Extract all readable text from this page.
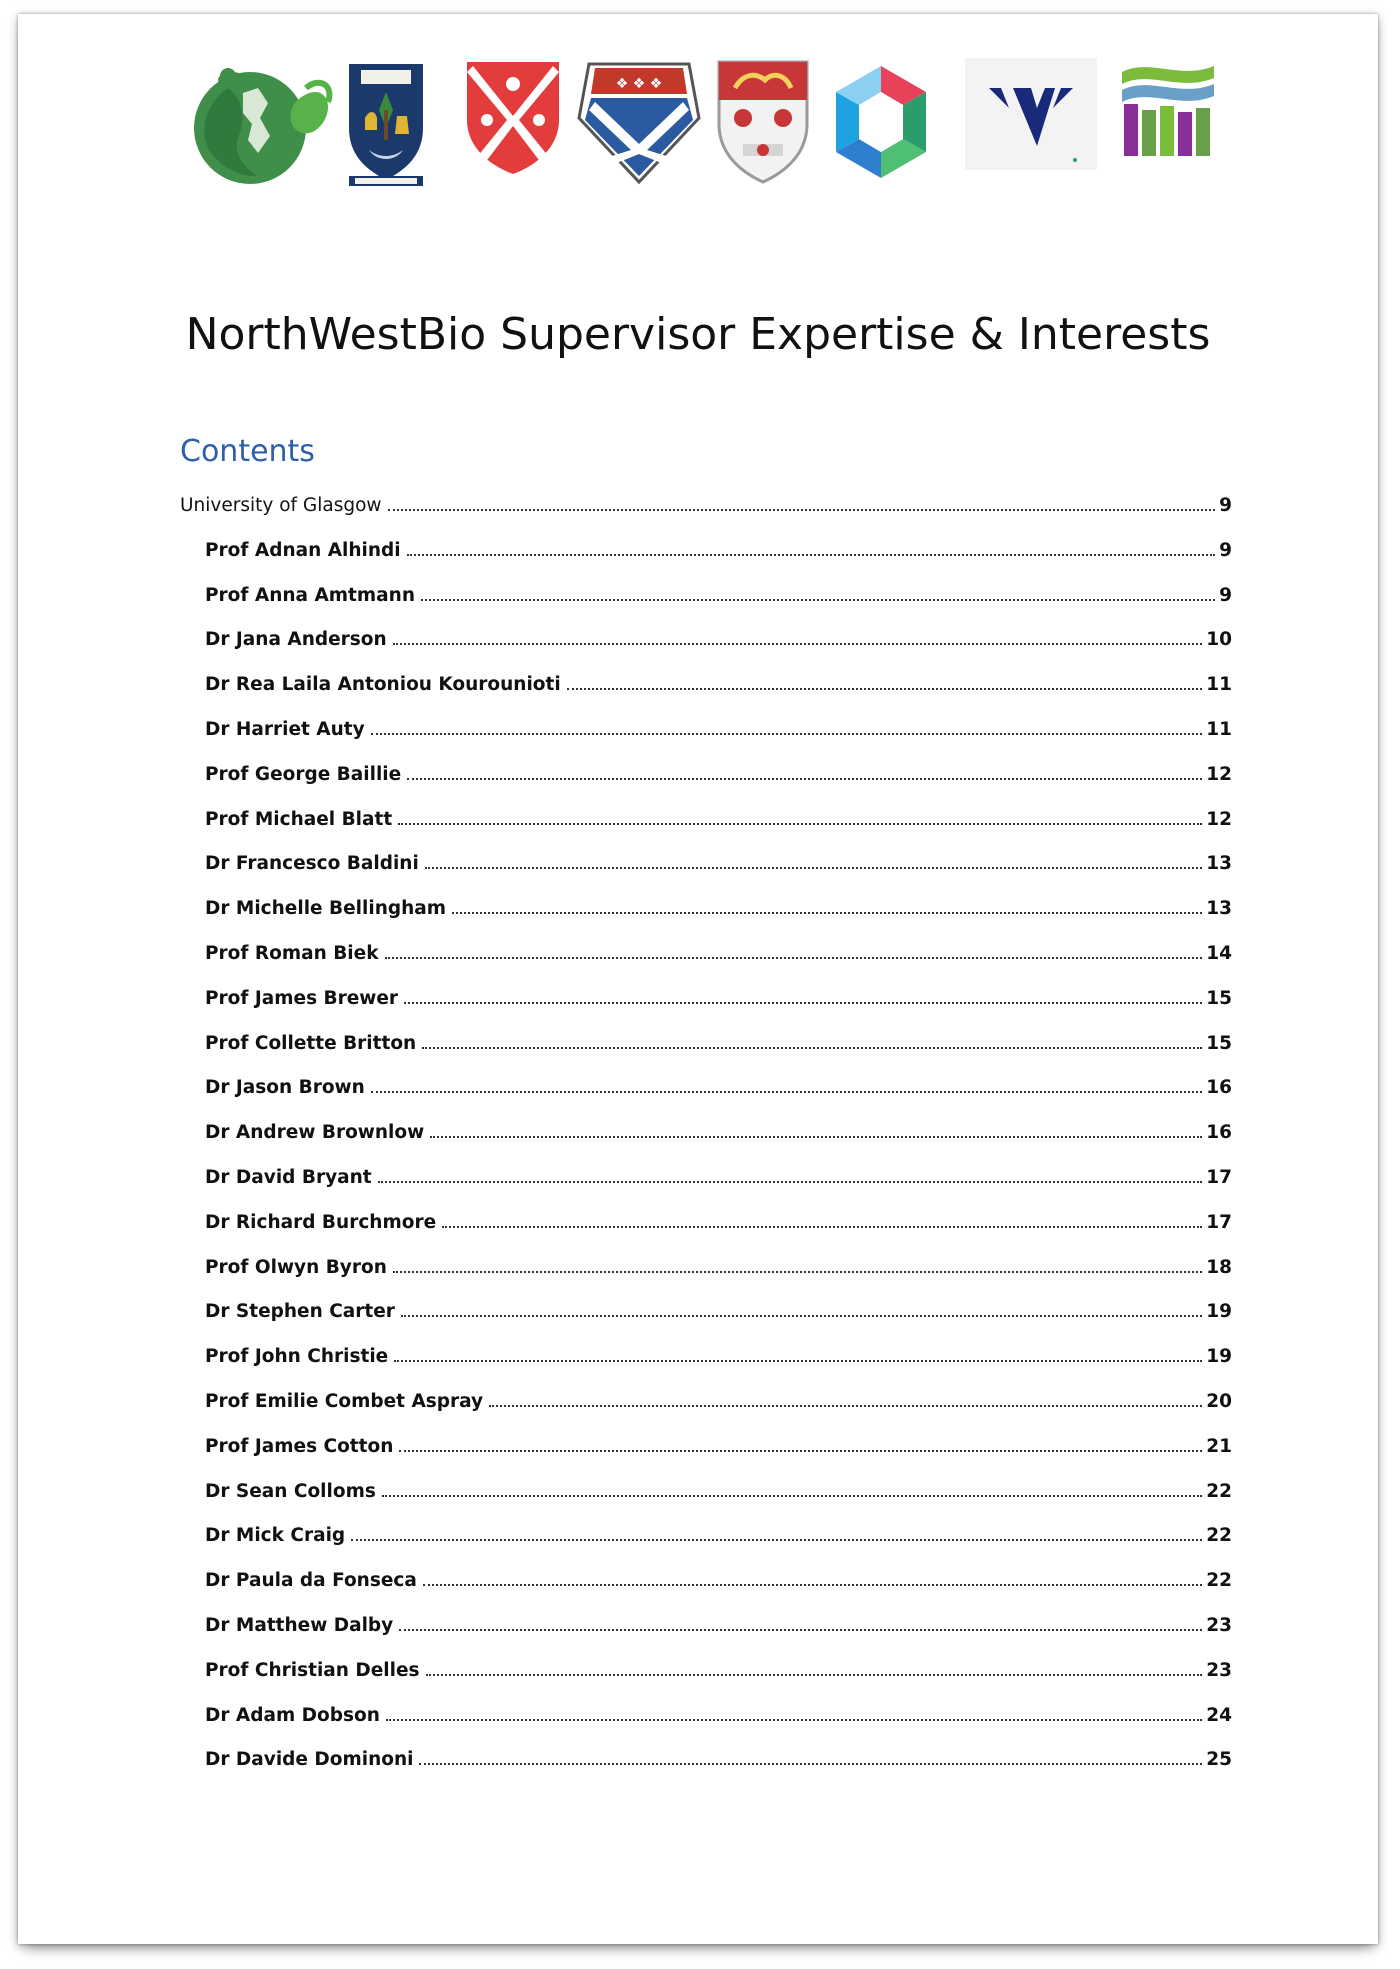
❖ ❖ ❖
NorthWestBio Supervisor Expertise & Interests
Contents
University of Glasgow	9
Prof Adnan Alhindi	9
Prof Anna Amtmann	9
Dr Jana Anderson	10
Dr Rea Laila Antoniou Kourounioti	11
Dr Harriet Auty	11
Prof George Baillie	12
Prof Michael Blatt	12
Dr Francesco Baldini	13
Dr Michelle Bellingham	13
Prof Roman Biek	14
Prof James Brewer	15
Prof Collette Britton	15
Dr Jason Brown	16
Dr Andrew Brownlow	16
Dr David Bryant	17
Dr Richard Burchmore	17
Prof Olwyn Byron	18
Dr Stephen Carter	19
Prof John Christie	19
Prof Emilie Combet Aspray	20
Prof James Cotton	21
Dr Sean Colloms	22
Dr Mick Craig	22
Dr Paula da Fonseca	22
Dr Matthew Dalby	23
Prof Christian Delles	23
Dr Adam Dobson	24
Dr Davide Dominoni	25
